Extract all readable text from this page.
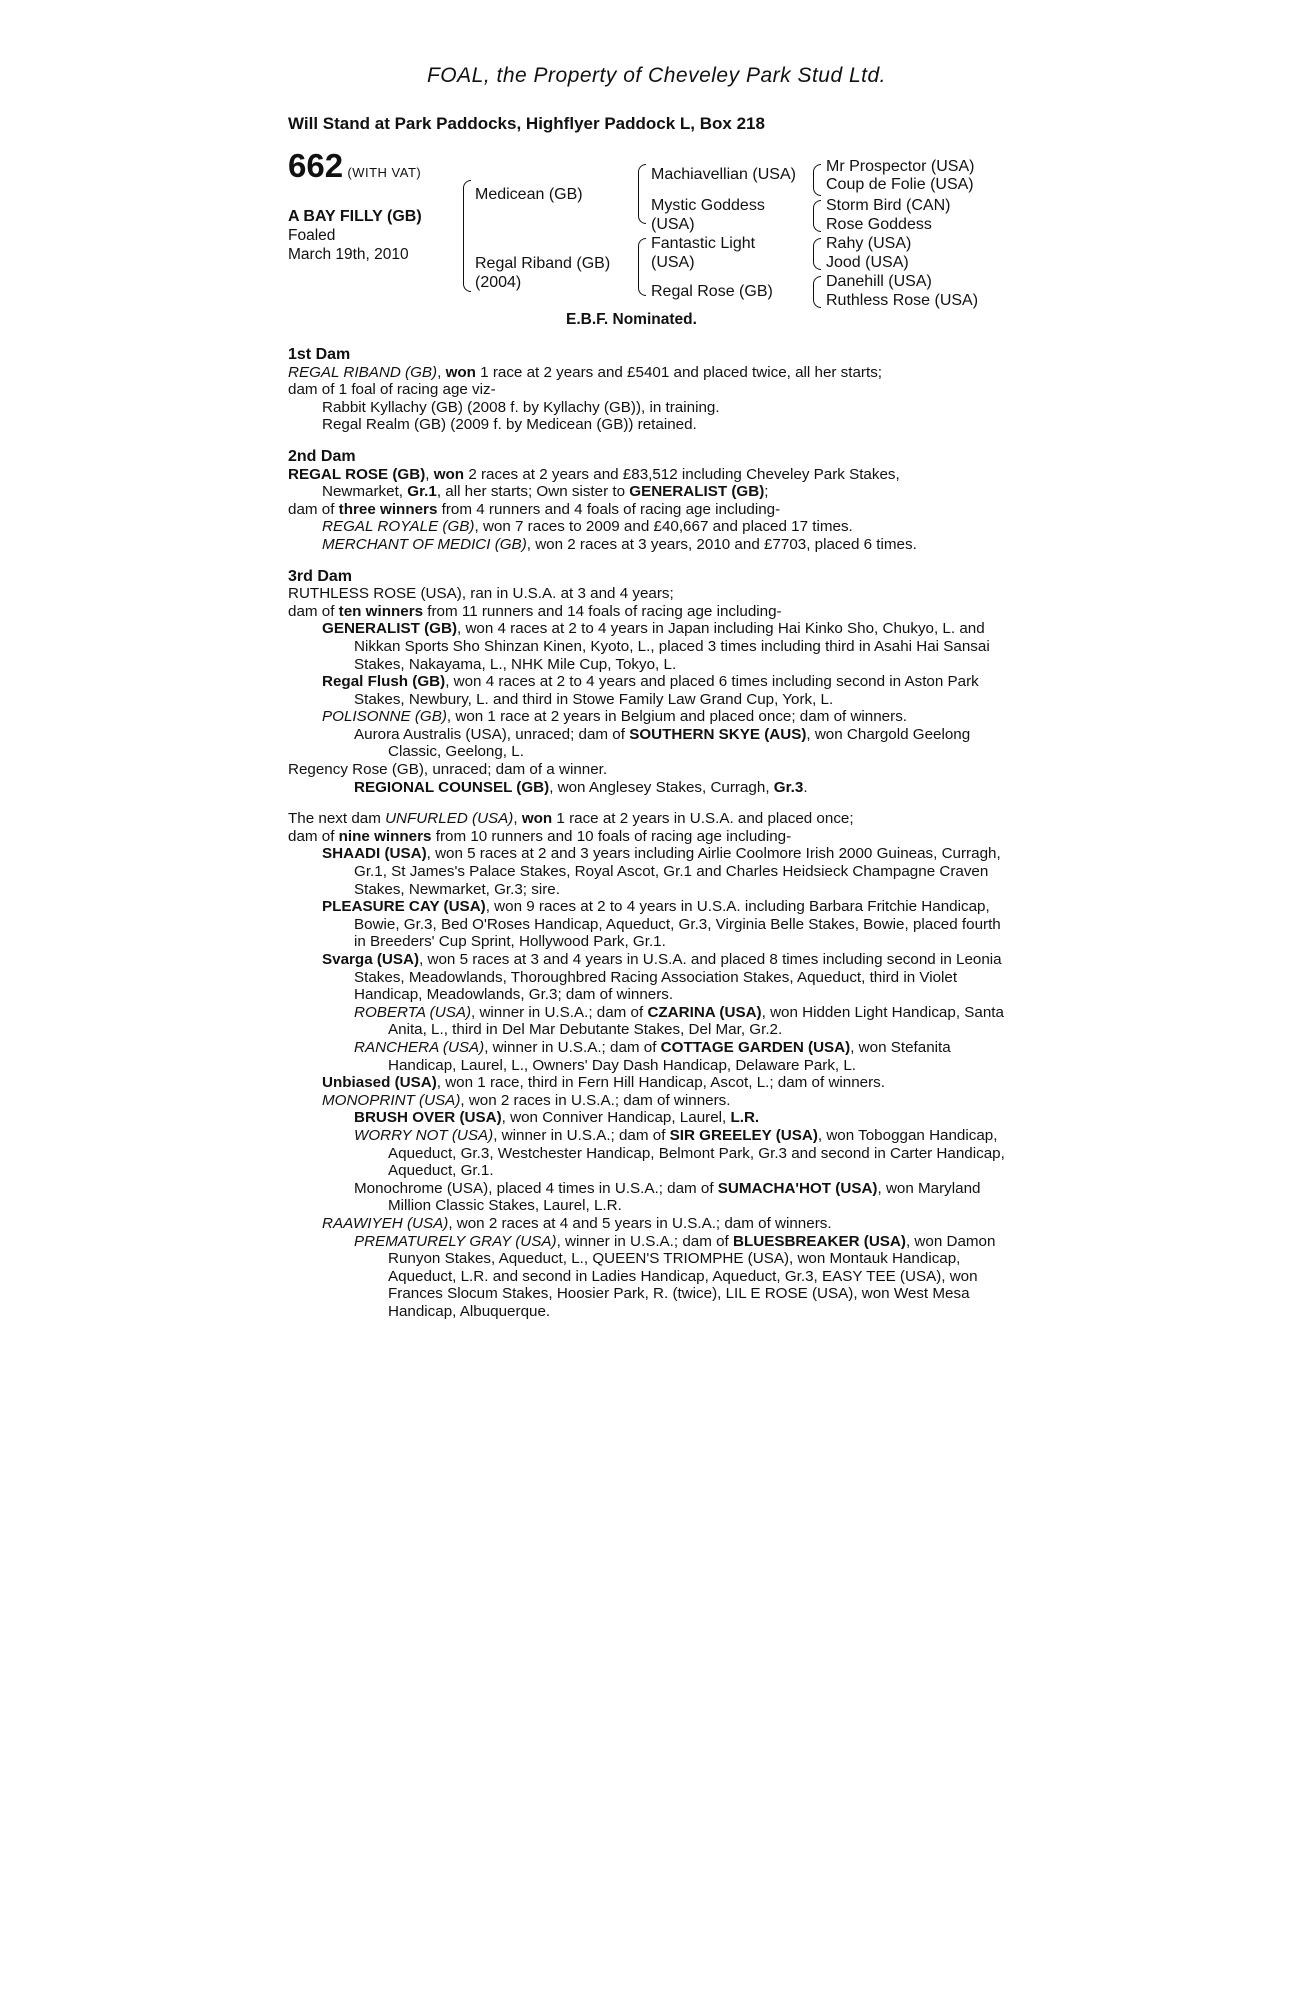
FOAL, the Property of Cheveley Park Stud Ltd.
Will Stand at Park Paddocks, Highflyer Paddock L, Box 218
662 (WITH VAT)
A BAY FILLY (GB)
Foaled
March 19th, 2010
Medicean (GB)
Regal Riband (GB)
(2004)
Machiavellian (USA)
Mystic Goddess
(USA)
Fantastic Light
(USA)
Regal Rose (GB)
Mr Prospector (USA)
Coup de Folie (USA)
Storm Bird (CAN)
Rose Goddess
Rahy (USA)
Jood (USA)
Danehill (USA)
Ruthless Rose (USA)
E.B.F. Nominated.

1st Dam

REGAL RIBAND (GB), won 1 race at 2 years and £5401 and placed twice, all her starts;

dam of 1 foal of racing age viz-

Rabbit Kyllachy (GB) (2008 f. by Kyllachy (GB)), in training.

Regal Realm (GB) (2009 f. by Medicean (GB)) retained.

2nd Dam

REGAL ROSE (GB), won 2 races at 2 years and £83,512 including Cheveley Park Stakes,

Newmarket, Gr.1, all her starts; Own sister to GENERALIST (GB);

dam of three winners from 4 runners and 4 foals of racing age including-

REGAL ROYALE (GB), won 7 races to 2009 and £40,667 and placed 17 times.

MERCHANT OF MEDICI (GB), won 2 races at 3 years, 2010 and £7703, placed 6 times.

3rd Dam

RUTHLESS ROSE (USA), ran in U.S.A. at 3 and 4 years;

dam of ten winners from 11 runners and 14 foals of racing age including-

GENERALIST (GB), won 4 races at 2 to 4 years in Japan including Hai Kinko Sho, Chukyo, L. and Nikkan Sports Sho Shinzan Kinen, Kyoto, L., placed 3 times including third in Asahi Hai Sansai Stakes, Nakayama, L., NHK Mile Cup, Tokyo, L.

Regal Flush (GB), won 4 races at 2 to 4 years and placed 6 times including second in Aston Park Stakes, Newbury, L. and third in Stowe Family Law Grand Cup, York, L.

POLISONNE (GB), won 1 race at 2 years in Belgium and placed once; dam of winners.

Aurora Australis (USA), unraced; dam of SOUTHERN SKYE (AUS), won Chargold Geelong Classic, Geelong, L.

Regency Rose (GB), unraced; dam of a winner.

REGIONAL COUNSEL (GB), won Anglesey Stakes, Curragh, Gr.3.

The next dam UNFURLED (USA), won 1 race at 2 years in U.S.A. and placed once;

dam of nine winners from 10 runners and 10 foals of racing age including-

SHAADI (USA), won 5 races at 2 and 3 years including Airlie Coolmore Irish 2000 Guineas, Curragh, Gr.1, St James's Palace Stakes, Royal Ascot, Gr.1 and Charles Heidsieck Champagne Craven Stakes, Newmarket, Gr.3; sire.

PLEASURE CAY (USA), won 9 races at 2 to 4 years in U.S.A. including Barbara Fritchie Handicap, Bowie, Gr.3, Bed O'Roses Handicap, Aqueduct, Gr.3, Virginia Belle Stakes, Bowie, placed fourth in Breeders' Cup Sprint, Hollywood Park, Gr.1.

Svarga (USA), won 5 races at 3 and 4 years in U.S.A. and placed 8 times including second in Leonia Stakes, Meadowlands, Thoroughbred Racing Association Stakes, Aqueduct, third in Violet Handicap, Meadowlands, Gr.3; dam of winners.

ROBERTA (USA), winner in U.S.A.; dam of CZARINA (USA), won Hidden Light Handicap, Santa Anita, L., third in Del Mar Debutante Stakes, Del Mar, Gr.2.

RANCHERA (USA), winner in U.S.A.; dam of COTTAGE GARDEN (USA), won Stefanita Handicap, Laurel, L., Owners' Day Dash Handicap, Delaware Park, L.

Unbiased (USA), won 1 race, third in Fern Hill Handicap, Ascot, L.; dam of winners.

MONOPRINT (USA), won 2 races in U.S.A.; dam of winners.

BRUSH OVER (USA), won Conniver Handicap, Laurel, L.R.

WORRY NOT (USA), winner in U.S.A.; dam of SIR GREELEY (USA), won Toboggan Handicap, Aqueduct, Gr.3, Westchester Handicap, Belmont Park, Gr.3 and second in Carter Handicap, Aqueduct, Gr.1.

Monochrome (USA), placed 4 times in U.S.A.; dam of SUMACHA'HOT (USA), won Maryland Million Classic Stakes, Laurel, L.R.

RAAWIYEH (USA), won 2 races at 4 and 5 years in U.S.A.; dam of winners.

PREMATURELY GRAY (USA), winner in U.S.A.; dam of BLUESBREAKER (USA), won Damon Runyon Stakes, Aqueduct, L., QUEEN'S TRIOMPHE (USA), won Montauk Handicap, Aqueduct, L.R. and second in Ladies Handicap, Aqueduct, Gr.3, EASY TEE (USA), won Frances Slocum Stakes, Hoosier Park, R. (twice), LIL E ROSE (USA), won West Mesa Handicap, Albuquerque.
